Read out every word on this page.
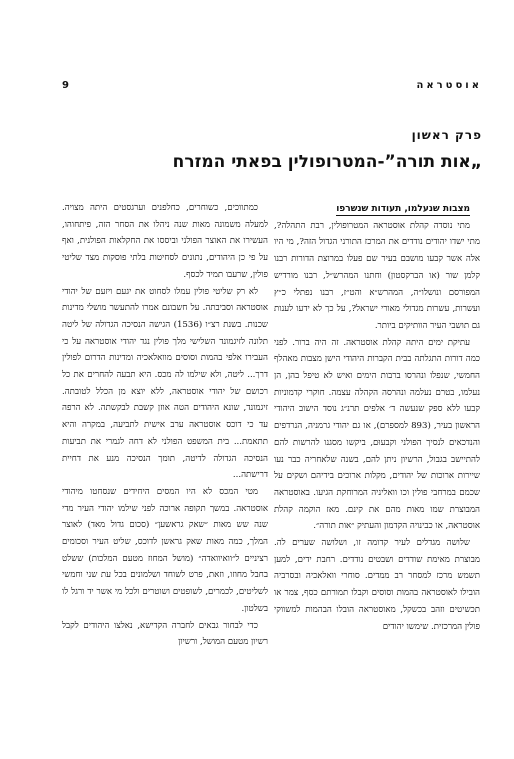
9	אוסטראה
פרק ראשון
„אות תורה”-המטרופולין בפאתי המזרח

מצבות שנעלמו, תעודות שנשרפו

מתי נוסדה קהלת אוסטראה המטרופולין, רבת התהלה?, מתי ישדו יהודים נודדים את המרכז התורני הגדול הזה?, מי היו אלה אשר קבעו מושבם בעיר שם פעלו במרוצת הדורות רבנו קלמן שור (או הברקסטון) וחתנו המהרש״ל, רבנו מורדיש המפורסם ונושלו״ה, המהרש״א והט״ז, רבנו נפתלי כ״ץ ועשרות, עשרות מגדולי מאורי ישראל?, על כך לא ידעו לענות גם תושבי העיר הוותיקים ביותר.

עתיקת ימים היתה קהלת אוסטראה. זה היה ברור. לפני כמה דורות התגלתה בבית הקברות היהודי הישן מצבות מאהלף החמשי, שנפלו ונהרסו ברבות הימים ואיש לא טיפל בהן, הן נעלמו, בטרם נעלמה ונהרסה הקהלה עצמה. חוקרי קדמוניות קבעו ללא ספק שנעשה ד׳ אלפים תרנ״ג נוסד הישוב היהודי הראשון בעיר, (893 למספרם), או גם יהודי גרמניה, הנרדפים והנדכאים לנסיך הפולני וקבעוּם, ביקשו מסגנו להרשות להם להתיישב בגבול, הרשיון ניתן להם, בשנה שלאחריה כבר נעו שיירות ארוכות של יהודים, מקלות ארוכים בידיהם ושקים על שכמם במרחבי פולין וכו וואליניה המרוחקת הגיעו. באוסטראה המבוצרת שמו מאות מהם את קינם. מאז הוקמה קהלת אוסטראה, או כבינויה הקדמון והעתיק ״אות תורה״.

שלושה מגדלים לעיר קדומה זו, ושלושה שערים לה. מבוצרת מאימת שודדים ושבטים נודדים. רחבת ידים, למען תשמש מרכז למסחר רב ממדים. סוחרי וואלאכיה ובסרביה הובילו לאוסטראה בהמות וסוסים וקבלו תמורתם כסף, צמר או תכשיטים וזהב בכשקל, מאוסטראה הובלו הבהמות למשווקי פולין המרכזית. שימשו יהודים

כמתווכים, כשוחרים, כחלפנים וערגסטים היתה מצויה. למעלה משמונה מאות שנה ניהלו את הסחר הזה, פיתחוהו, העשירו את האוצר הפולני וביססו את החקלאות הפולנית, ואף על פי כן היהודים, נתונים לסחיטות בלתי פוסקות מצד שליטי פולין, שרעבו תמיד לכסף.

לא רק שליטי פולין עמלו לסחוט את יגעם ויזעם של יהודי אוסטראה וסביבתה. על חשבונם אמרו להתעשר מושלי מדינות שכנות. בשנת רצ״ו (1536) הגישה הנסיכה הגדולה של ליטה תלונה לזיגמונד השלישי מלך פולין נגד יהודי אוסטראה על כי העבירו אלפי בהמות וסוסים מוואלאכיה ומדינות הדרום לפולין דרך... ליטה, ולא שילמו לה מכס. היא תבעה להחרים את כל רכושם של יהודי אוסטראה, ללא יוצא מן הכלל לטובתה. זיגמונד, שונא היהודים הטה אוזן קשבת לבקשתה. לא הרפה עד כי דוכס אוסטראה ערב אישית לתביעה, במקרה והיא תתאמת... בית המשפט הפולני לא דחה לגמרי את תביעות הנסיכה הגדולה לדיטה, תומך הנסיכה מנע את דחיית דרישתה...

מטי המכס לא היו המסים היחידים שנסחטו מיהודי אוסטראה. במשך תקופה ארוכה לפני שילמו יהודי העיר מדי שנה שש מאות ״שאק גראשען״ (סכום גדול מאד) לאוצר המלך, כמה מאות שאק גראשן לדוכס, שליט העיר וסכומים רציניים ל״וואיוואדה״ (מושל המחוז מטעם המלכות) ששלט בחבל מחוזו, וזאת, פרט לשוחד ושלמונים בכל עת שני וחמשי לשליטים, לכמרים, לשופטים ושוטרים ולכל מי אשר יד ורגל לו בשלטון.

כדי לבחור גבאים לחברה הקדישא, נאלצו היהודים לקבל רשיון מטעם המושל, ורשיון
